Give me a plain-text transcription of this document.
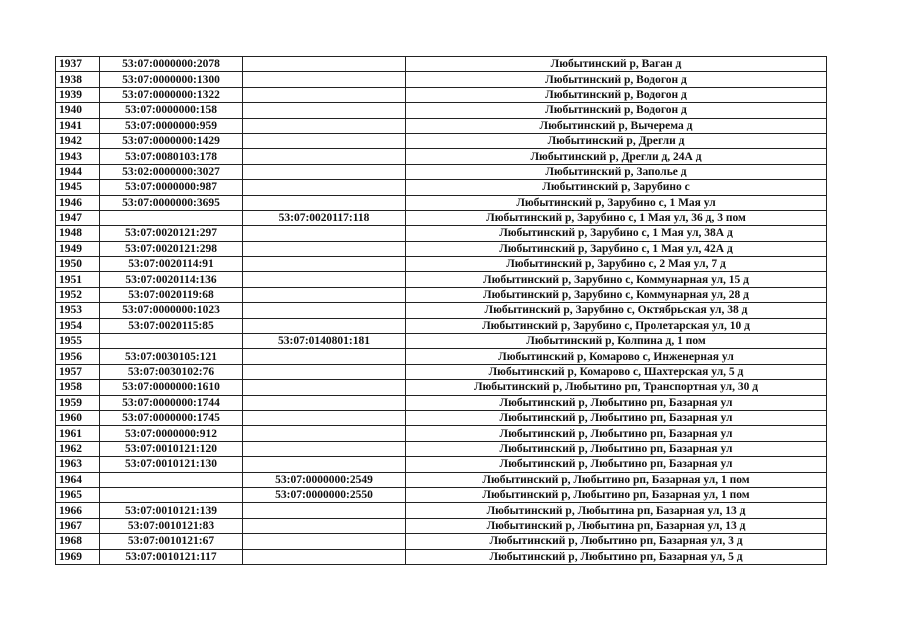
1937	53:07:0000000:2078		Любытинский р, Ваган д
1938	53:07:0000000:1300		Любытинский р, Водогон д
1939	53:07:0000000:1322		Любытинский р, Водогон д
1940	53:07:0000000:158		Любытинский р, Водогон д
1941	53:07:0000000:959		Любытинский р, Вычерема д
1942	53:07:0000000:1429		Любытинский р, Дрегли д
1943	53:07:0080103:178		Любытинский р, Дрегли д, 24А д
1944	53:02:0000000:3027		Любытинский р, Заполье д
1945	53:07:0000000:987		Любытинский р, Зарубино с
1946	53:07:0000000:3695		Любытинский р, Зарубино с, 1 Мая ул
1947		53:07:0020117:118	Любытинский р, Зарубино с, 1 Мая ул, 36 д, 3 пом
1948	53:07:0020121:297		Любытинский р, Зарубино с, 1 Мая ул, 38А д
1949	53:07:0020121:298		Любытинский р, Зарубино с, 1 Мая ул, 42А д
1950	53:07:0020114:91		Любытинский р, Зарубино с, 2 Мая ул, 7 д
1951	53:07:0020114:136		Любытинский р, Зарубино с, Коммунарная ул, 15 д
1952	53:07:0020119:68		Любытинский р, Зарубино с, Коммунарная ул, 28 д
1953	53:07:0000000:1023		Любытинский р, Зарубино с, Октябрьская ул, 38 д
1954	53:07:0020115:85		Любытинский р, Зарубино с, Пролетарская ул, 10 д
1955		53:07:0140801:181	Любытинский р, Колпина д, 1 пом
1956	53:07:0030105:121		Любытинский р, Комарово с, Инженерная ул
1957	53:07:0030102:76		Любытинский р, Комарово с, Шахтерская ул, 5 д
1958	53:07:0000000:1610		Любытинский р, Любытино рп, Транспортная ул, 30 д
1959	53:07:0000000:1744		Любытинский р, Любытино рп, Базарная ул
1960	53:07:0000000:1745		Любытинский р, Любытино рп, Базарная ул
1961	53:07:0000000:912		Любытинский р, Любытино рп, Базарная ул
1962	53:07:0010121:120		Любытинский р, Любытино рп, Базарная ул
1963	53:07:0010121:130		Любытинский р, Любытино рп, Базарная ул
1964		53:07:0000000:2549	Любытинский р, Любытино рп, Базарная ул, 1 пом
1965		53:07:0000000:2550	Любытинский р, Любытино рп, Базарная ул, 1 пом
1966	53:07:0010121:139		Любытинский р, Любытина рп, Базарная ул, 13 д
1967	53:07:0010121:83		Любытинский р, Любытина рп, Базарная ул, 13 д
1968	53:07:0010121:67		Любытинский р, Любытино рп, Базарная ул, 3 д
1969	53:07:0010121:117		Любытинский р, Любытино рп, Базарная ул, 5 д
